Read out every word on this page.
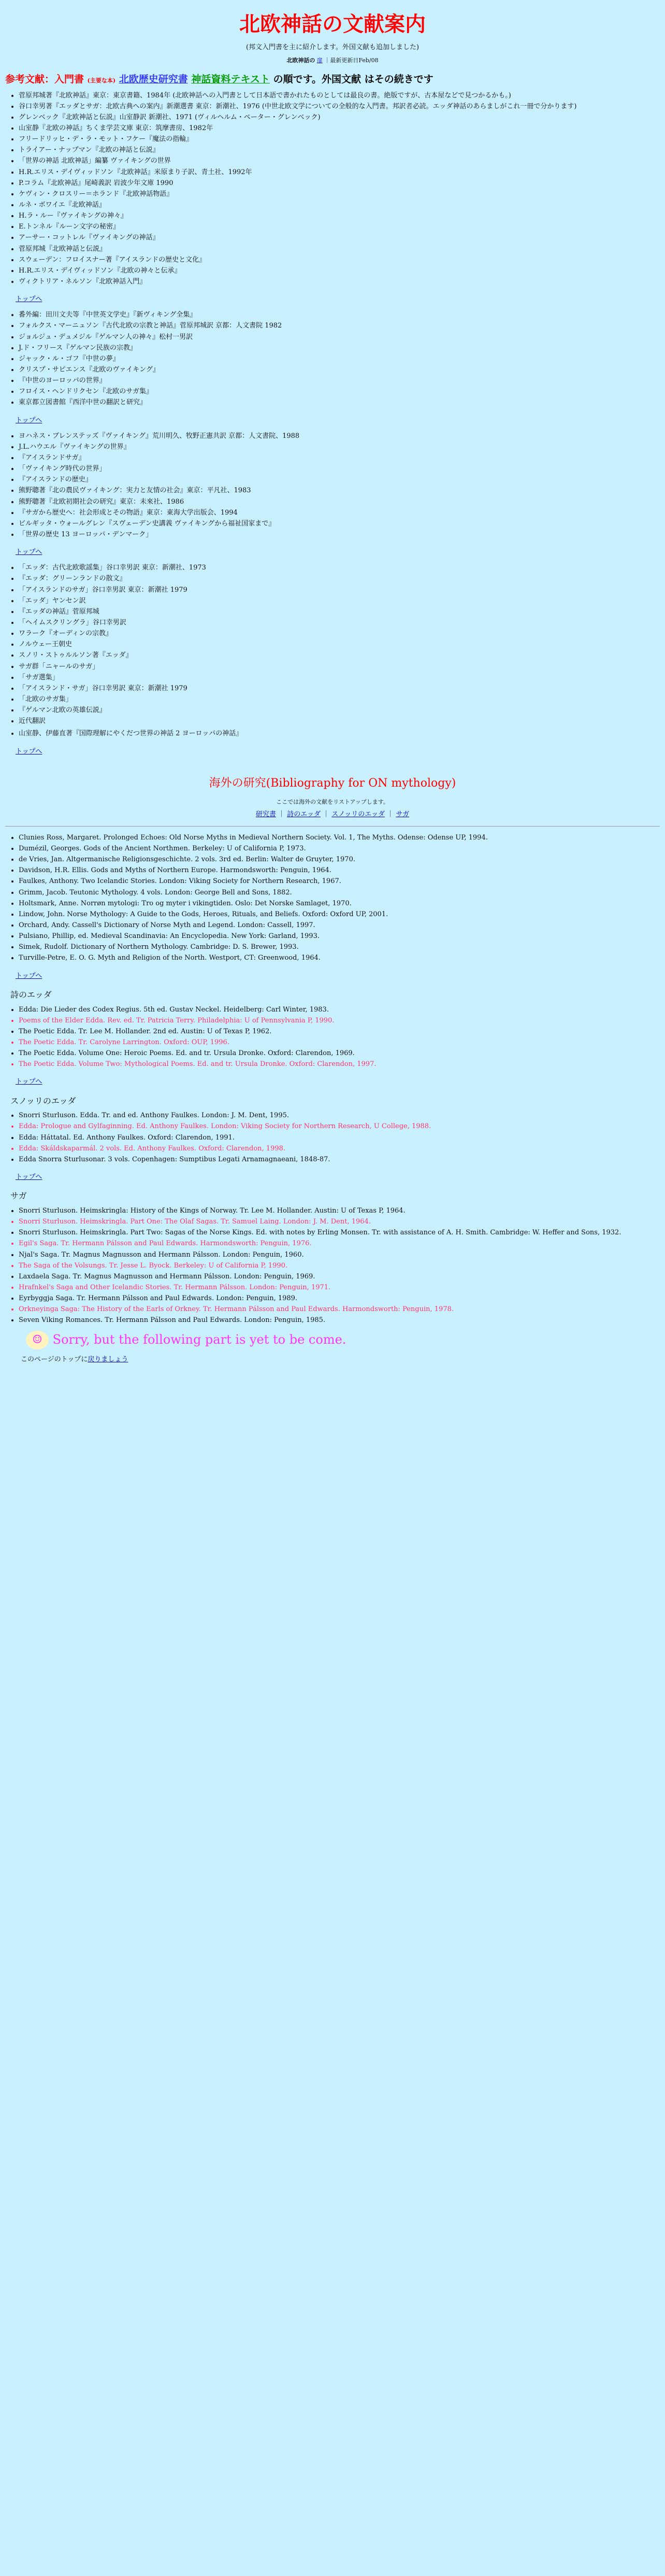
北欧神話の文献案内

(邦文入門書を主に紹介します。外国文献も追加しました)

北欧神話の 扉 ｜最新更新日Feb/08
参考文献：入門書 (主要な本) 北欧歴史研究書 神話資料テキスト の順です。外国文献 はその続きです
• 菅原邦城著『北欧神話』東京：東京書籍、1984年 (北欧神話への入門書として日本語で書かれたものとしては最良の書。絶版ですが、古本屋などで見つかるかも。)
• 谷口幸男著『エッダとサガ：北欧古典への案内』新潮選書 東京：新潮社、1976 (中世北欧文学についての全般的な入門書。邦訳者必読。エッダ神話のあらましがこれ一冊で分かります)
• グレンベック『北欧神話と伝説』山室静訳 新潮社、1971 (ヴィルヘルム・ペーター・グレンベック)
• 山室静『北欧の神話』ちくま学芸文庫 東京：筑摩書房、1982年
• フリードリッヒ・デ・ラ・モット・フケー『魔法の指輪』
• トライアー・ナップマン『北欧の神話と伝説』
• 「世界の神話 北欧神話」編纂 ヴァイキングの世界
• H.R.エリス・デイヴィッドソン『北欧神話』米原まり子訳、青土社、1992年
• P.コラム『北欧神話』尾崎義訳 岩波少年文庫 1990
• ケヴィン・クロスリー＝ホランド『北欧神話物語』
• ルネ・ボワイエ『北欧神話』
• H.ラ・ルー『ヴァイキングの神々』
• E.トンネル『ルーン文字の秘密』
• アーサー・コットレル『ヴァイキングの神話』
• 菅原邦城『北欧神話と伝説』
• スウェーデン：フロイスナー著『アイスランドの歴史と文化』
• H.R.エリス・デイヴィッドソン『北欧の神々と伝承』
• ヴィクトリア・ネルソン『北欧神話入門』
トップへ
• 番外編：田川文夫等『中世英文学史』『新ヴィキング全集』
• フォルクス・マーニュソン『古代北欧の宗教と神話』菅原邦城訳 京都：人文書院 1982
• ジョルジュ・デュメジル『ゲルマン人の神々』松村一男訳
• J.ド・フリース『ゲルマン民族の宗教』
• ジャック・ル・ゴフ『中世の夢』
• クリスプ・サピエンス『北欧のヴァイキング』
• 『中世のヨーロッパの世界』
• フロイス・ヘンドリクセン『北欧のサガ集』
• 東京都立図書館『西洋中世の翻訳と研究』
トップへ
• ヨハネス・ブレンステッズ『ヴァイキング』荒川明久、牧野正憲共訳 京都：人文書院、1988
• J.L.ハウエル『ヴァイキングの世界』
• 『アイスランドサガ』
• 「ヴァイキング時代の世界」
• 『アイスランドの歴史』
• 熊野聰著『北の農民ヴァイキング：実力と友情の社会』東京：平凡社、1983
• 熊野聰著『北欧初期社会の研究』東京：未來社、1986
• 『サガから歴史へ：社会形成とその物語』東京：東海大学出版会、1994
• ビルギッタ・ウォールグレン『スヴェーデン史講義 ヴァイキングから福祉国家まで』
• 「世界の歴史 13 ヨーロッパ・デンマーク」
トップへ
• 「エッダ：古代北欧歌謡集」谷口幸男訳 東京：新潮社、1973
• 『エッダ：グリーンランドの散文』
• 「アイスランドのサガ」谷口幸男訳 東京：新潮社 1979
• 「エッダ」ヤンセン訳
• 『エッダの神話』菅原邦城
• 「ヘイムスクリングラ」谷口幸男訳
• ワラーク『オーディンの宗教』
• ノルウェー王朝史
• スノリ・ストゥルルソン著『エッダ』
• サガ群「ニャールのサガ」
• 「サガ選集」
• 「アイスランド・サガ」谷口幸男訳 東京：新潮社 1979
• 「北欧のサガ集」
• 『ゲルマン北欧の英雄伝説』
• 近代翻訳
• 山室静、伊藤直著『国際理解にやくだつ世界の神話 2 ヨーロッパの神話』
トップへ
海外の研究(Bibliography for ON mythology)
ここでは海外の文献をリストアップします。
研究書 ｜ 詩のエッダ ｜ スノッリのエッダ ｜ サガ
• Clunies Ross, Margaret. Prolonged Echoes: Old Norse Myths in Medieval Northern Society. Vol. 1, The Myths. Odense: Odense UP, 1994.
• Dumézil, Georges. Gods of the Ancient Northmen. Berkeley: U of California P, 1973.
• de Vries, Jan. Altgermanische Religionsgeschichte. 2 vols. 3rd ed. Berlin: Walter de Gruyter, 1970.
• Davidson, H.R. Ellis. Gods and Myths of Northern Europe. Harmondsworth: Penguin, 1964.
• Faulkes, Anthony. Two Icelandic Stories. London: Viking Society for Northern Research, 1967.
• Grimm, Jacob. Teutonic Mythology. 4 vols. London: George Bell and Sons, 1882.
• Holtsmark, Anne. Norrøn mytologi: Tro og myter i vikingtiden. Oslo: Det Norske Samlaget, 1970.
• Lindow, John. Norse Mythology: A Guide to the Gods, Heroes, Rituals, and Beliefs. Oxford: Oxford UP, 2001.
• Orchard, Andy. Cassell's Dictionary of Norse Myth and Legend. London: Cassell, 1997.
• Pulsiano, Phillip, ed. Medieval Scandinavia: An Encyclopedia. New York: Garland, 1993.
• Simek, Rudolf. Dictionary of Northern Mythology. Cambridge: D. S. Brewer, 1993.
• Turville-Petre, E. O. G. Myth and Religion of the North. Westport, CT: Greenwood, 1964.
トップへ
詩のエッダ
• Edda: Die Lieder des Codex Regius. 5th ed. Gustav Neckel. Heidelberg: Carl Winter, 1983.
• Poems of the Elder Edda. Rev. ed. Tr. Patricia Terry. Philadelphia: U of Pennsylvania P, 1990.
• The Poetic Edda. Tr. Lee M. Hollander. 2nd ed. Austin: U of Texas P, 1962.
• The Poetic Edda. Tr. Carolyne Larrington. Oxford: OUP, 1996.
• The Poetic Edda. Volume One: Heroic Poems. Ed. and tr. Ursula Dronke. Oxford: Clarendon, 1969.
• The Poetic Edda. Volume Two: Mythological Poems. Ed. and tr. Ursula Dronke. Oxford: Clarendon, 1997.
トップへ
スノッリのエッダ
• Snorri Sturluson. Edda. Tr. and ed. Anthony Faulkes. London: J. M. Dent, 1995.
• Edda: Prologue and Gylfaginning. Ed. Anthony Faulkes. London: Viking Society for Northern Research, U College, 1988.
• Edda: Háttatal. Ed. Anthony Faulkes. Oxford: Clarendon, 1991.
• Edda: Skáldskaparmál. 2 vols. Ed. Anthony Faulkes. Oxford: Clarendon, 1998.
• Edda Snorra Sturlusonar. 3 vols. Copenhagen: Sumptibus Legati Arnamagnaeani, 1848-87.
トップへ
サガ
• Snorri Sturluson. Heimskringla: History of the Kings of Norway. Tr. Lee M. Hollander. Austin: U of Texas P, 1964.
• Snorri Sturluson. Heimskringla. Part One: The Olaf Sagas. Tr. Samuel Laing. London: J. M. Dent, 1964.
• Snorri Sturluson. Heimskringla. Part Two: Sagas of the Norse Kings. Ed. with notes by Erling Monsen. Tr. with assistance of A. H. Smith. Cambridge: W. Heffer and Sons, 1932.
• Egil's Saga. Tr. Hermann Pálsson and Paul Edwards. Harmondsworth: Penguin, 1976.
• Njal's Saga. Tr. Magnus Magnusson and Hermann Pálsson. London: Penguin, 1960.
• The Saga of the Volsungs. Tr. Jesse L. Byock. Berkeley: U of California P, 1990.
• Laxdaela Saga. Tr. Magnus Magnusson and Hermann Pálsson. London: Penguin, 1969.
• Hrafnkel's Saga and Other Icelandic Stories. Tr. Hermann Pálsson. London: Penguin, 1971.
• Eyrbyggja Saga. Tr. Hermann Pálsson and Paul Edwards. London: Penguin, 1989.
• Orkneyinga Saga: The History of the Earls of Orkney. Tr. Hermann Pálsson and Paul Edwards. Harmondsworth: Penguin, 1978.
• Seven Viking Romances. Tr. Hermann Pálsson and Paul Edwards. London: Penguin, 1985.
☺ Sorry, but the following part is yet to be come.
このページのトップに戻りましょう
